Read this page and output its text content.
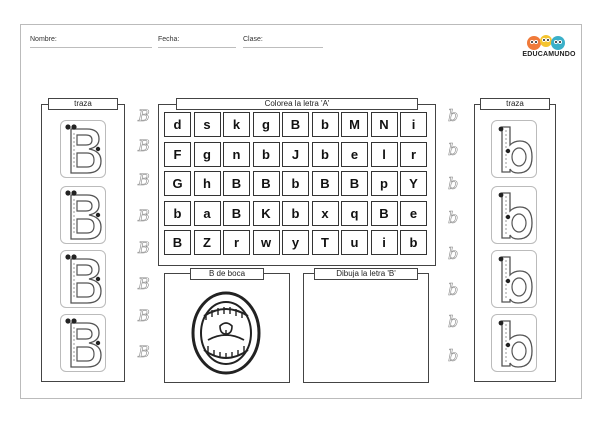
Nombre:	Fecha:	Clase:
EDUCAMUNDO
traza
B
B
B
B
B
B
B
B
Colorea la letra 'A'
d	s	k	g	B	b	M	N	i
F	g	n	b	J	b	e	l	r
G	h	B	B	b	B	B	p	Y
b	a	B	K	b	x	q	B	e
B	Z	r	w	y	T	u	i	b
B de boca	Dibuja la letra 'B'
b
b
b
b
b
b
b
b
traza
